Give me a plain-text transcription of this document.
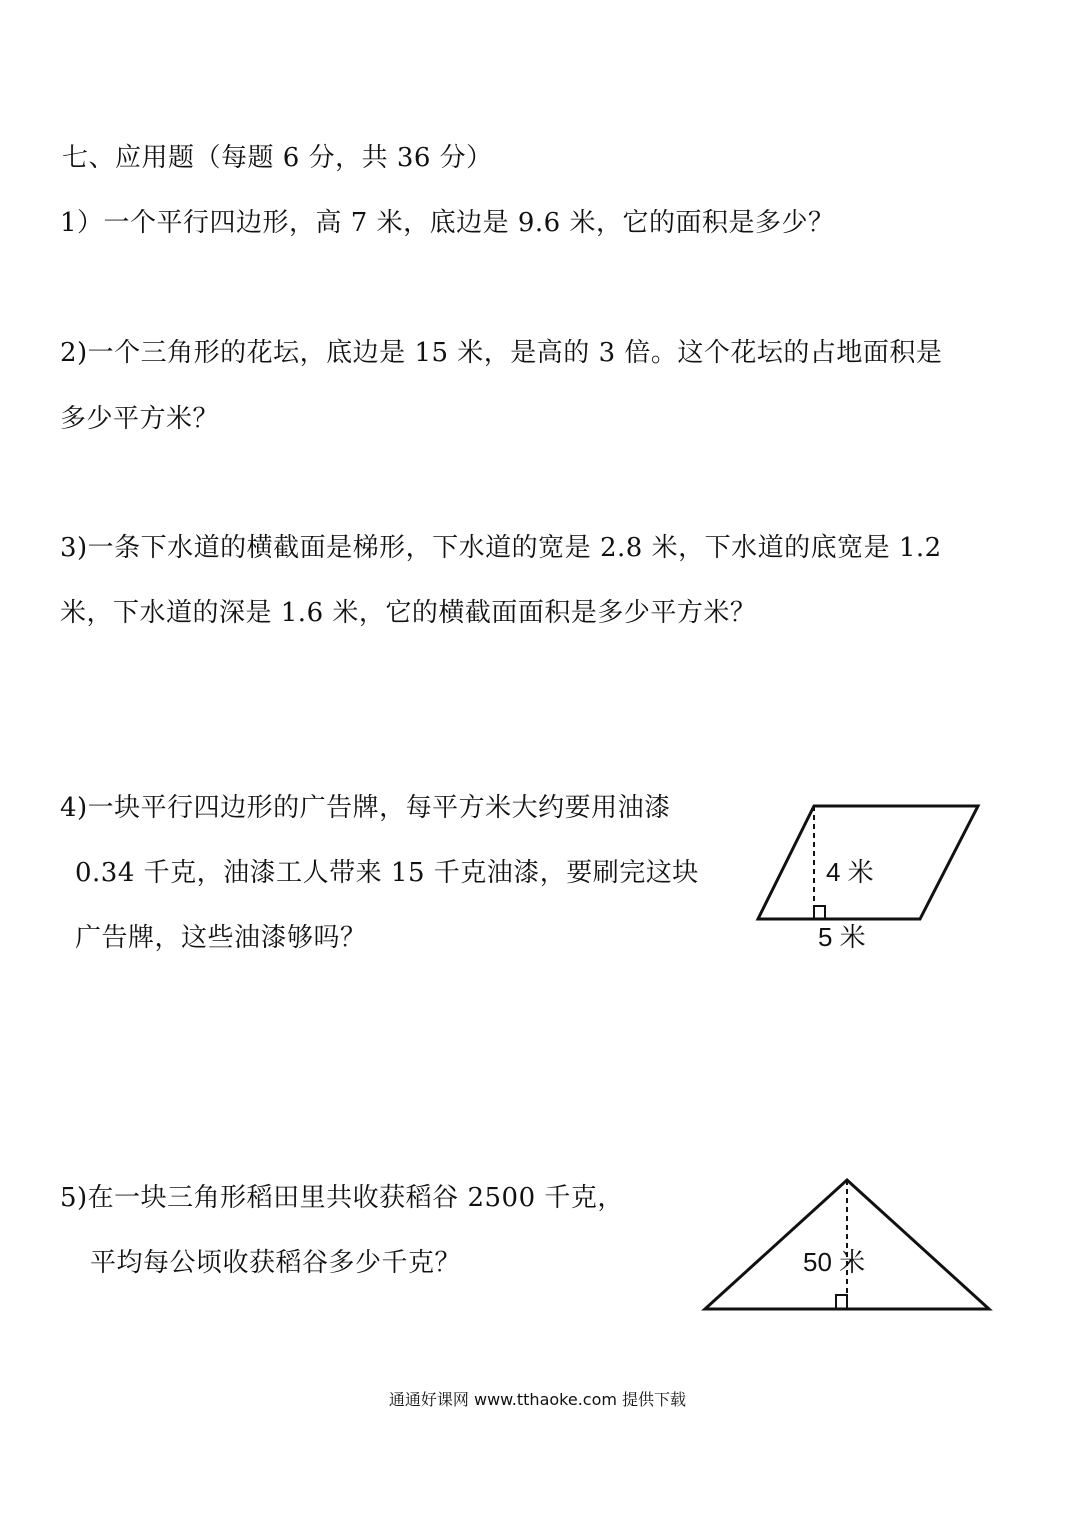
七、应用题（每题 6 分，共 36 分）
1）一个平行四边形，高 7 米，底边是 9.6 米，它的面积是多少？
2)一个三角形的花坛，底边是 15 米，是高的 3 倍。这个花坛的占地面积是
多少平方米？
3)一条下水道的横截面是梯形，下水道的宽是 2.8 米，下水道的底宽是 1.2
米，下水道的深是 1.6 米，它的横截面面积是多少平方米？
4)一块平行四边形的广告牌，每平方米大约要用油漆
0.34 千克，油漆工人带来 15 千克油漆，要刷完这块
广告牌，这些油漆够吗？
5)在一块三角形稻田里共收获稻谷 2500 千克，
平均每公顷收获稻谷多少千克？
4 米
5 米
50 米
通通好课网 www.tthaoke.com 提供下载
